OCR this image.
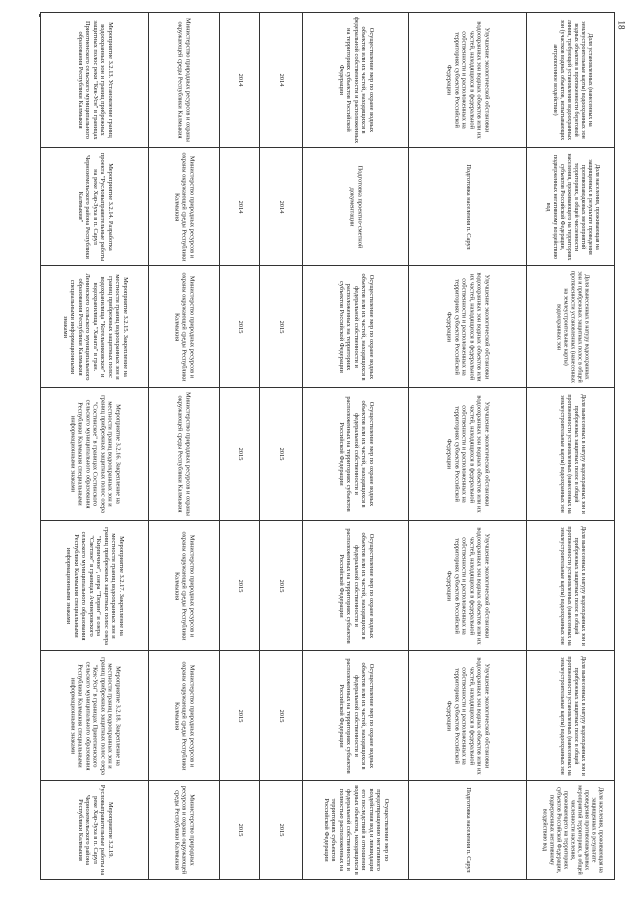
18
Мероприятие 3.2.13. Установление границ водоохранных зон и границ прибрежных защитных полос реки "Кек-Усн" в границах Приютненского сельского муниципального образования Республики Калмыкия	Министерство природных ресурсов и охраны окружающей среды Республики Калмыкия	2014	2014	Осуществление мер по охране водных объектов или их частей, находящихся в федеральной собственности и расположенных на территориях субъектов Российской Федерации	Улучшение экологической обстановки водоохранных зон водных объектов или их частей, находящихся в федеральной собственности и расположенных на территориях субъектов Российской Федерации	Доля установленных (нанесенных на землеустроительные карты) водоохранных зон водных объектов в протяженности береговой линии, требующей установления водоохранных зон (участков водных объектов, испытывающих антропогенное воздействие)
Мероприятие 3.2.14. Разработка проекта "Русловыправительные работы на реке Хар-Зуха в п. Сарул Черноземельского района Республики Калмыкия"	Министерство природных ресурсов и охраны окружающей среды Республики Калмыкия	2014	2014	Подготовка проектно-сметной документации	Подготовка населения п. Сарул	Доля населения, проживающая на защищенных в результате проведения противопаводковых мероприятий территориях, в общей численности населения, проживающего на территориях субъектов Российской Федерации, подверженных негативному воздействию вод
Мероприятие 3.2.15. Закрепление на местности границ водоохранных зон и границ прибрежных защитных полос водохранилища "Котельниковское" и водохранилища "Ханата" в гран. Ленинского сельского муниципального образования Республики Калмыкия специальными информационными знаками	Министерство природных ресурсов и охраны окружающей среды Республики Калмыкия	2015	2015	Осуществление мер по охране водных объектов или их частей, находящихся в федеральной собственности и расположенных на территориях субъектов Российской Федерации	Улучшение экологической обстановки водоохранных зон водных объектов или их частей, находящихся в федеральной собственности и расположенных на территориях субъектов Российской Федерации	Доля вынесенных в натуру водоохранных зон и прибрежных защитных полос в общей протяженности установленных (нанесенных на землеустроительные карты) водоохранных зон
Мероприятие 3.2.16. Закрепление на местности границ водоохранных зон и границ прибрежных защитных полос озера "Состинское" в границах Состинского сельского муниципального образования Республики Калмыкия специальными информационными знаками	Министерство природных ресурсов и охраны окружающей среды Республики Калмыкия	2015	2015	Осуществление мер по охране водных объектов или их частей, находящихся в федеральной собственности и расположенных на территориях субъектов Российской Федерации	Улучшение экологической обстановки водоохранных зон водных объектов или их частей, находящихся в федеральной собственности и расположенных на территориях субъектов Российской Федерации	Доля вынесенных в натуру водоохранных зон и прибрежных защитных полос в общей протяженности установленных (нанесенных на землеустроительные карты) водоохранных зон
Мероприятие 3.2.17. Закрепление на местности границ водоохранных зон и границ прибрежных защитных полос озера "Кирпичное", озера "Тюрин" и озера "Светлое" в границах Ачинеровского сельского муниципального образования Республики Калмыкия специальными информационными знаками	Министерство природных ресурсов и охраны окружающей среды Республики Калмыкия	2015	2015	Осуществление мер по охране водных объектов или их частей, находящихся в федеральной собственности и расположенных на территориях субъектов Российской Федерации	Улучшение экологической обстановки водоохранных зон водных объектов или их частей, находящихся в федеральной собственности и расположенных на территориях субъектов Российской Федерации	Доля вынесенных в натуру водоохранных зон и прибрежных защитных полос в общей протяженности установленных (нанесенных на землеустроительные карты) водоохранных зон
Мероприятие 3.2.18. Закрепление на местности границ водоохранных зон и границ прибрежных защитных полос озера "Кек-Усн" в границах Приютненского сельского муниципального образования Республики Калмыкия специальными информационными знаками	Министерство природных ресурсов и охраны окружающей среды Республики Калмыкия	2015	2015	Осуществление мер по охране водных объектов или их частей, находящихся в федеральной собственности и расположенных на территориях субъектов Российской Федерации	Улучшение экологической обстановки водоохранных зон водных объектов или их частей, находящихся в федеральной собственности и расположенных на территориях субъектов Российской Федерации	Доля вынесенных в натуру водоохранных зон и прибрежных защитных полос в общей протяженности установленных (нанесенных на землеустроительные карты) водоохранных зон
Мероприятие 3.2.19. Русловыправительные работы на реке Хар-Зуха в п. Сарул Черноземельского района Республики Калмыкия	Министерство природных ресурсов и охраны окружающей среды Республики Калмыкия	2015	2015	Осуществление мер по предотвращению негативного воздействия вод и ликвидации его последствий в отношении водных объектов, находящихся в федеральной собственности и полностью расположенных на территориях субъектов Российской Федерации	Подготовка населения п. Сарул	Доля населения, проживающая на защищенных в результате проведения противопаводковых мероприятий территориях, в общей численности населения, проживающего на территориях субъектов Российской Федерации, подверженных негативному воздействию вод
